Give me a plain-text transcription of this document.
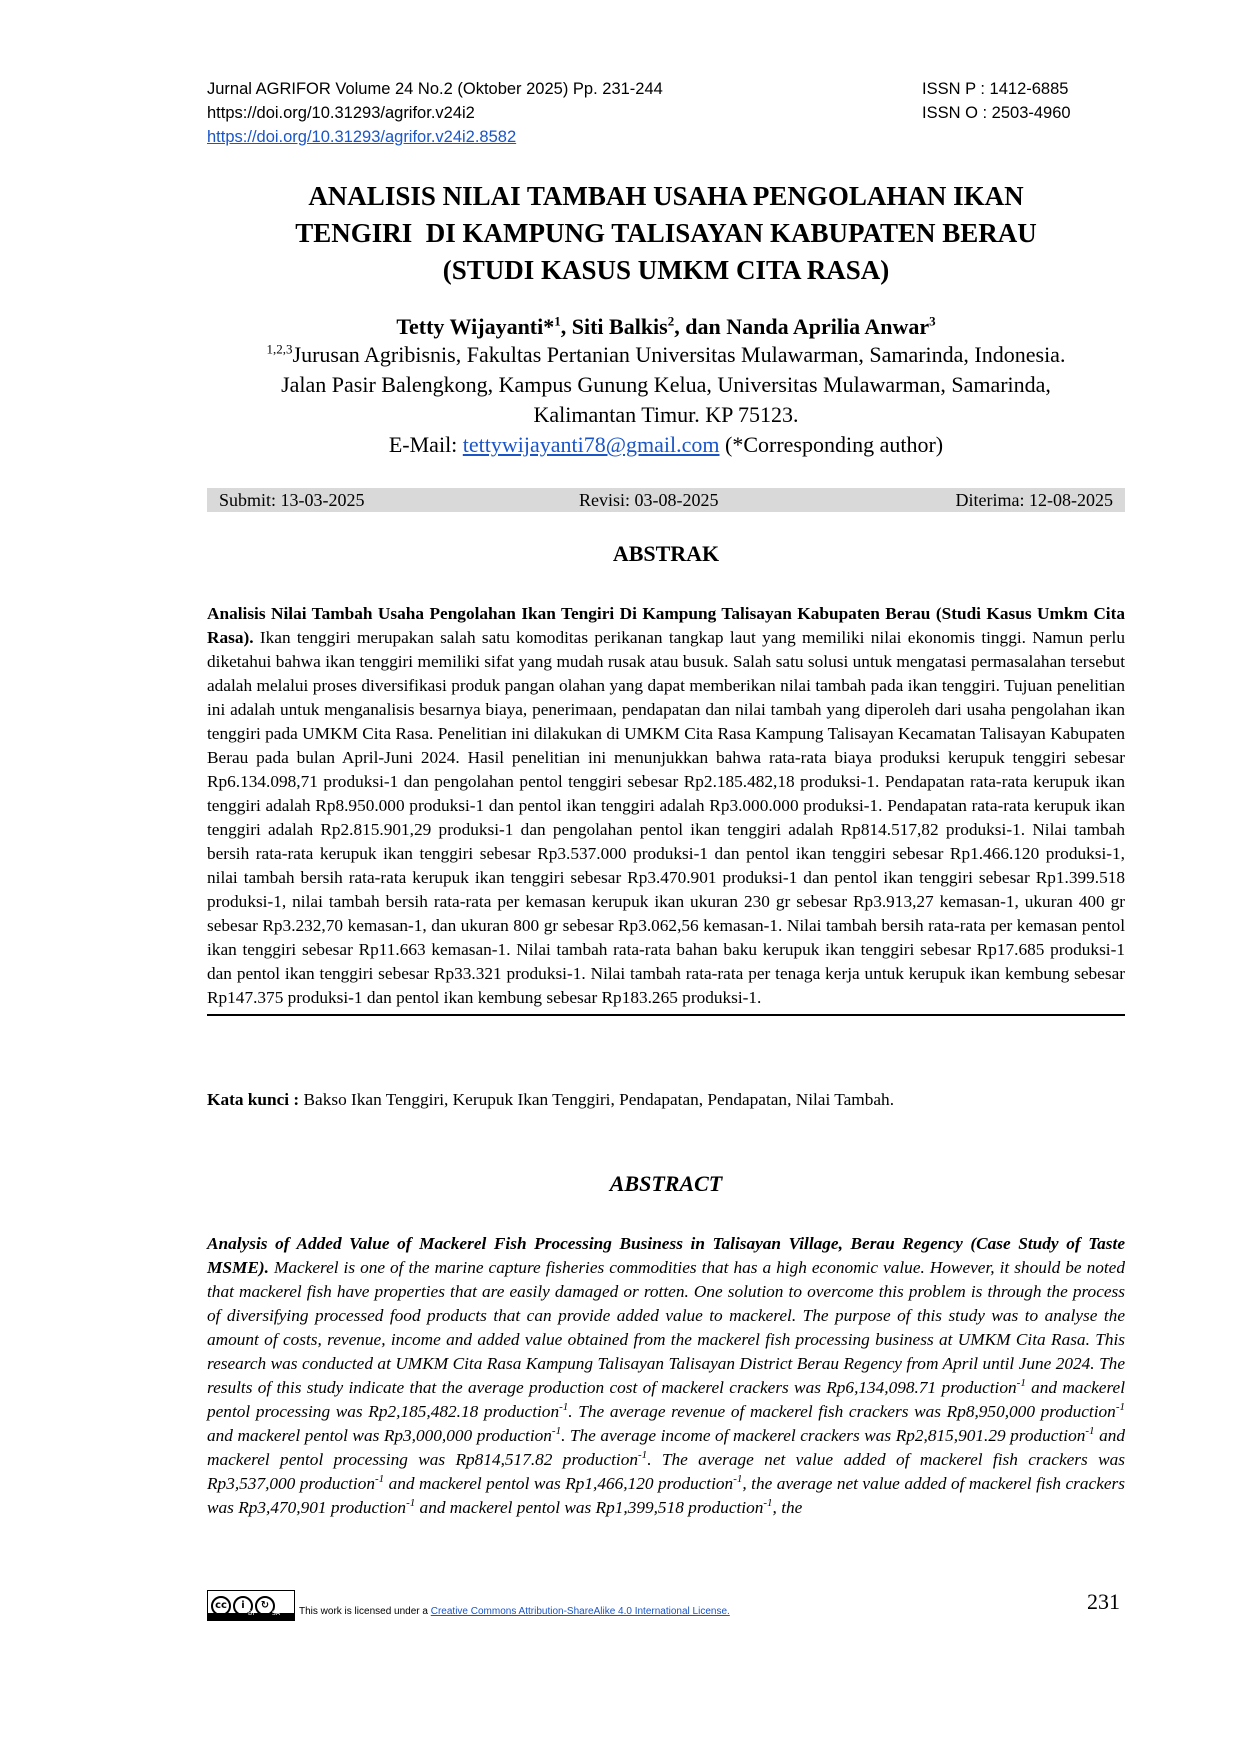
Jurnal AGRIFOR Volume 24 No.2 (Oktober 2025) Pp. 231-244	ISSN P : 1412-6885
https://doi.org/10.31293/agrifor.v24i2	ISSN O : 2503-4960
https://doi.org/10.31293/agrifor.v24i2.8582
ANALISIS NILAI TAMBAH USAHA PENGOLAHAN IKAN
TENGIRI  DI KAMPUNG TALISAYAN KABUPATEN BERAU
(STUDI KASUS UMKM CITA RASA)
Tetty Wijayanti*$^1$, Siti Balkis$^2$, dan Nanda Aprilia Anwar$^3$
$^{1,2,3}$Jurusan Agribisnis, Fakultas Pertanian Universitas Mulawarman, Samarinda, Indonesia.
Jalan Pasir Balengkong, Kampus Gunung Kelua, Universitas Mulawarman, Samarinda,
Kalimantan Timur. KP 75123.
E-Mail: tettywijayanti78@gmail.com (*Corresponding author)
Submit: 13-03-2025	Revisi: 03-08-2025	Diterima: 12-08-2025
ABSTRAK
Analisis Nilai Tambah Usaha Pengolahan Ikan Tengiri Di Kampung Talisayan Kabupaten Berau (Studi Kasus Umkm Cita Rasa). Ikan tenggiri merupakan salah satu komoditas perikanan tangkap laut yang memiliki nilai ekonomis tinggi. Namun perlu diketahui bahwa ikan tenggiri memiliki sifat yang mudah rusak atau busuk. Salah satu solusi untuk mengatasi permasalahan tersebut adalah melalui proses diversifikasi produk pangan olahan yang dapat memberikan nilai tambah pada ikan tenggiri. Tujuan penelitian ini adalah untuk menganalisis besarnya biaya, penerimaan, pendapatan dan nilai tambah yang diperoleh dari usaha pengolahan ikan tenggiri pada UMKM Cita Rasa. Penelitian ini dilakukan di UMKM Cita Rasa Kampung Talisayan Kecamatan Talisayan Kabupaten Berau pada bulan April-Juni 2024. Hasil penelitian ini menunjukkan bahwa rata-rata biaya produksi kerupuk tenggiri sebesar Rp6.134.098,71 produksi-1 dan pengolahan pentol tenggiri sebesar Rp2.185.482,18 produksi-1. Pendapatan rata-rata kerupuk ikan tenggiri adalah Rp8.950.000 produksi-1 dan pentol ikan tenggiri adalah Rp3.000.000 produksi-1. Pendapatan rata-rata kerupuk ikan tenggiri adalah Rp2.815.901,29 produksi-1 dan pengolahan pentol ikan tenggiri adalah Rp814.517,82 produksi-1. Nilai tambah bersih rata-rata kerupuk ikan tenggiri sebesar Rp3.537.000 produksi-1 dan pentol ikan tenggiri sebesar Rp1.466.120 produksi-1, nilai tambah bersih rata-rata kerupuk ikan tenggiri sebesar Rp3.470.901 produksi-1 dan pentol ikan tenggiri sebesar Rp1.399.518 produksi-1, nilai tambah bersih rata-rata per kemasan kerupuk ikan ukuran 230 gr sebesar Rp3.913,27 kemasan-1, ukuran 400 gr sebesar Rp3.232,70 kemasan-1, dan ukuran 800 gr sebesar Rp3.062,56 kemasan-1. Nilai tambah bersih rata-rata per kemasan pentol ikan tenggiri sebesar Rp11.663 kemasan-1. Nilai tambah rata-rata bahan baku kerupuk ikan tenggiri sebesar Rp17.685 produksi-1 dan pentol ikan tenggiri sebesar Rp33.321 produksi-1. Nilai tambah rata-rata per tenaga kerja untuk kerupuk ikan kembung sebesar Rp147.375 produksi-1 dan pentol ikan kembung sebesar Rp183.265 produksi-1.
Kata kunci : Bakso Ikan Tenggiri, Kerupuk Ikan Tenggiri, Pendapatan, Pendapatan, Nilai Tambah.
ABSTRACT
Analysis of Added Value of Mackerel Fish Processing Business in Talisayan Village, Berau Regency (Case Study of Taste MSME). Mackerel is one of the marine capture fisheries commodities that has a high economic value. However, it should be noted that mackerel fish have properties that are easily damaged or rotten. One solution to overcome this problem is through the process of diversifying processed food products that can provide added value to mackerel. The purpose of this study was to analyse the amount of costs, revenue, income and added value obtained from the mackerel fish processing business at UMKM Cita Rasa. This research was conducted at UMKM Cita Rasa Kampung Talisayan Talisayan District Berau Regency from April until June 2024. The results of this study indicate that the average production cost of mackerel crackers was Rp6,134,098.71 production$^{-1}$ and mackerel pentol processing was Rp2,185,482.18 production$^{-1}$. The average revenue of mackerel fish crackers was Rp8,950,000 production$^{-1}$ and mackerel pentol was Rp3,000,000 production$^{-1}$. The average income of mackerel crackers was Rp2,815,901.29 production$^{-1}$ and mackerel pentol processing was Rp814,517.82 production$^{-1}$. The average net value added of mackerel fish crackers was Rp3,537,000 production$^{-1}$ and mackerel pentol was Rp1,466,120 production$^{-1}$, the average net value added of mackerel fish crackers was Rp3,470,901 production$^{-1}$ and mackerel pentol was Rp1,399,518 production$^{-1}$, the
cc	i	↻
BY	SA This work is licensed under a Creative Commons Attribution-ShareAlike 4.0 International License.	231
